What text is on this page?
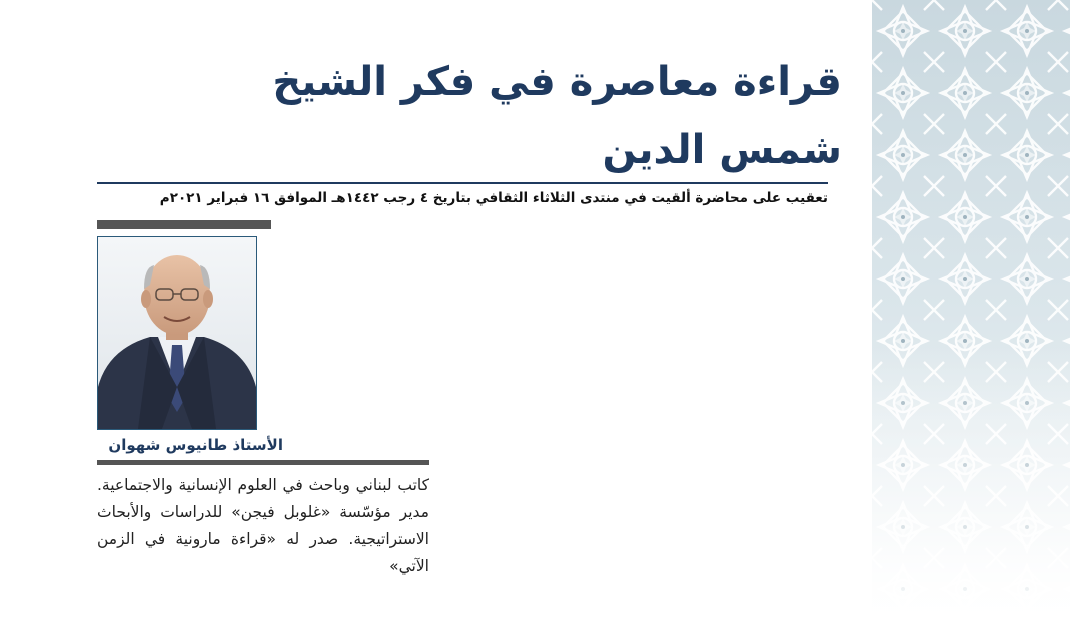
قراءة معاصرة في فكر الشيخ
شمس الدين
تعقيب على محاضرة ألقيت في منتدى الثلاثاء الثقافي بتاريخ ٤ رجب ١٤٤٢هـ الموافق ١٦ فبراير ٢٠٢١م
الأستاذ طانيوس شهوان
كاتب لبناني وباحث في العلوم الإنسانية والاجتماعية. مدير مؤسّسة «غلوبل فيجن» للدراسات والأبحاث الاستراتيجية. صدر له «قراءة مارونية في الزمن الآتي»
